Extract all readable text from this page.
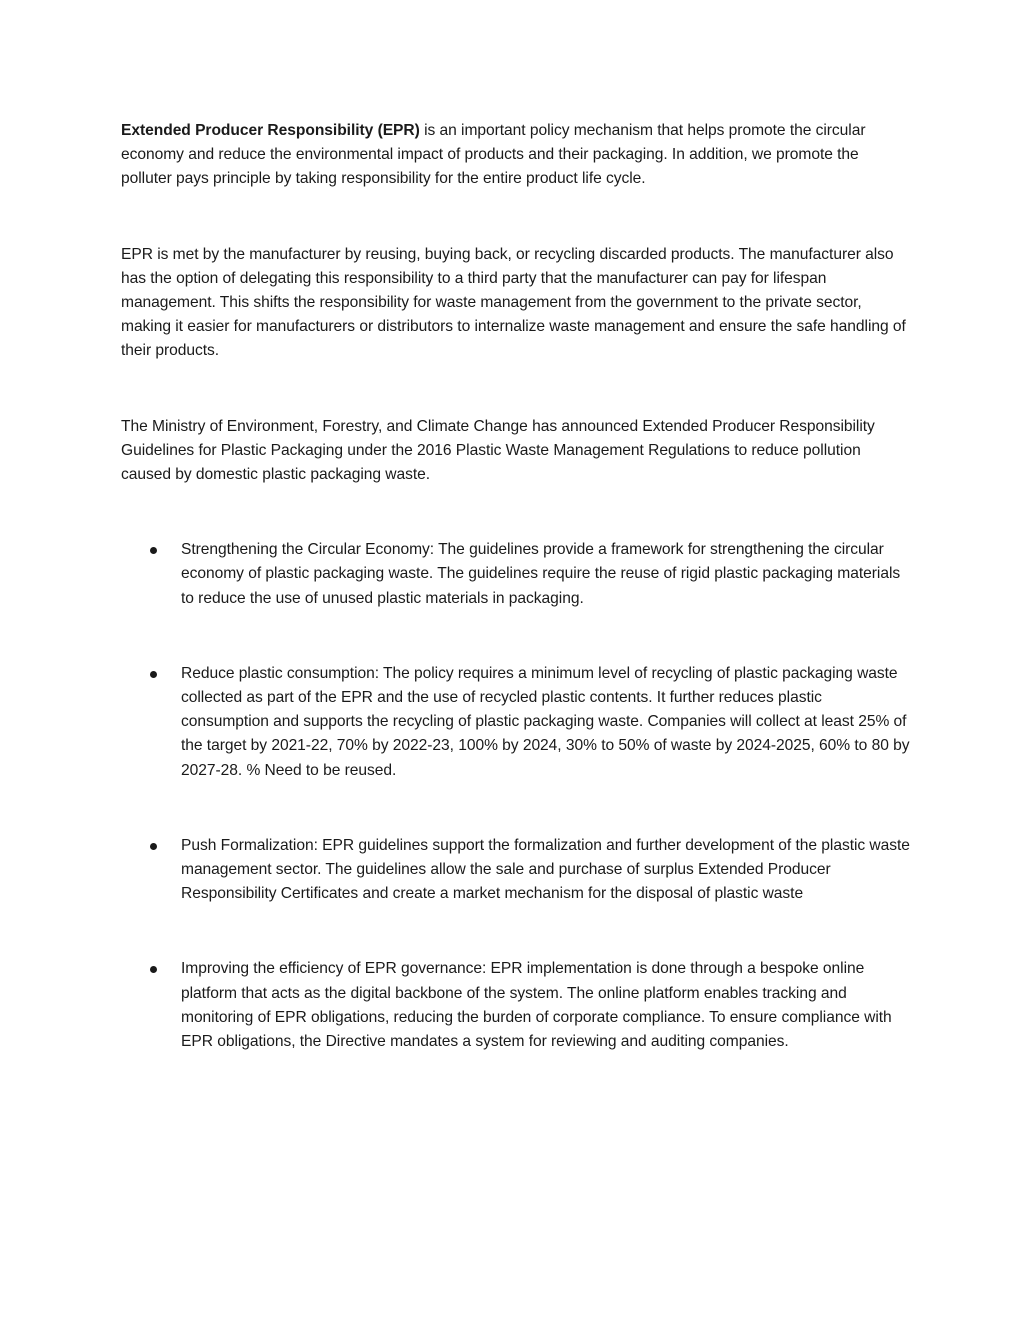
Extended Producer Responsibility (EPR) is an important policy mechanism that helps promote the circular economy and reduce the environmental impact of products and their packaging. In addition, we promote the polluter pays principle by taking responsibility for the entire product life cycle.

EPR is met by the manufacturer by reusing, buying back, or recycling discarded products. The manufacturer also has the option of delegating this responsibility to a third party that the manufacturer can pay for lifespan management. This shifts the responsibility for waste management from the government to the private sector, making it easier for manufacturers or distributors to internalize waste management and ensure the safe handling of their products.

The Ministry of Environment, Forestry, and Climate Change has announced Extended Producer Responsibility Guidelines for Plastic Packaging under the 2016 Plastic Waste Management Regulations to reduce pollution caused by domestic plastic packaging waste.

Strengthening the Circular Economy: The guidelines provide a framework for strengthening the circular economy of plastic packaging waste. The guidelines require the reuse of rigid plastic packaging materials to reduce the use of unused plastic materials in packaging.

Reduce plastic consumption: The policy requires a minimum level of recycling of plastic packaging waste collected as part of the EPR and the use of recycled plastic contents. It further reduces plastic consumption and supports the recycling of plastic packaging waste. Companies will collect at least 25% of the target by 2021-22, 70% by 2022-23, 100% by 2024, 30% to 50% of waste by 2024-2025, 60% to 80 by 2027-28. % Need to be reused.

Push Formalization: EPR guidelines support the formalization and further development of the plastic waste management sector. The guidelines allow the sale and purchase of surplus Extended Producer Responsibility Certificates and create a market mechanism for the disposal of plastic waste

Improving the efficiency of EPR governance: EPR implementation is done through a bespoke online platform that acts as the digital backbone of the system. The online platform enables tracking and monitoring of EPR obligations, reducing the burden of corporate compliance. To ensure compliance with EPR obligations, the Directive mandates a system for reviewing and auditing companies.
